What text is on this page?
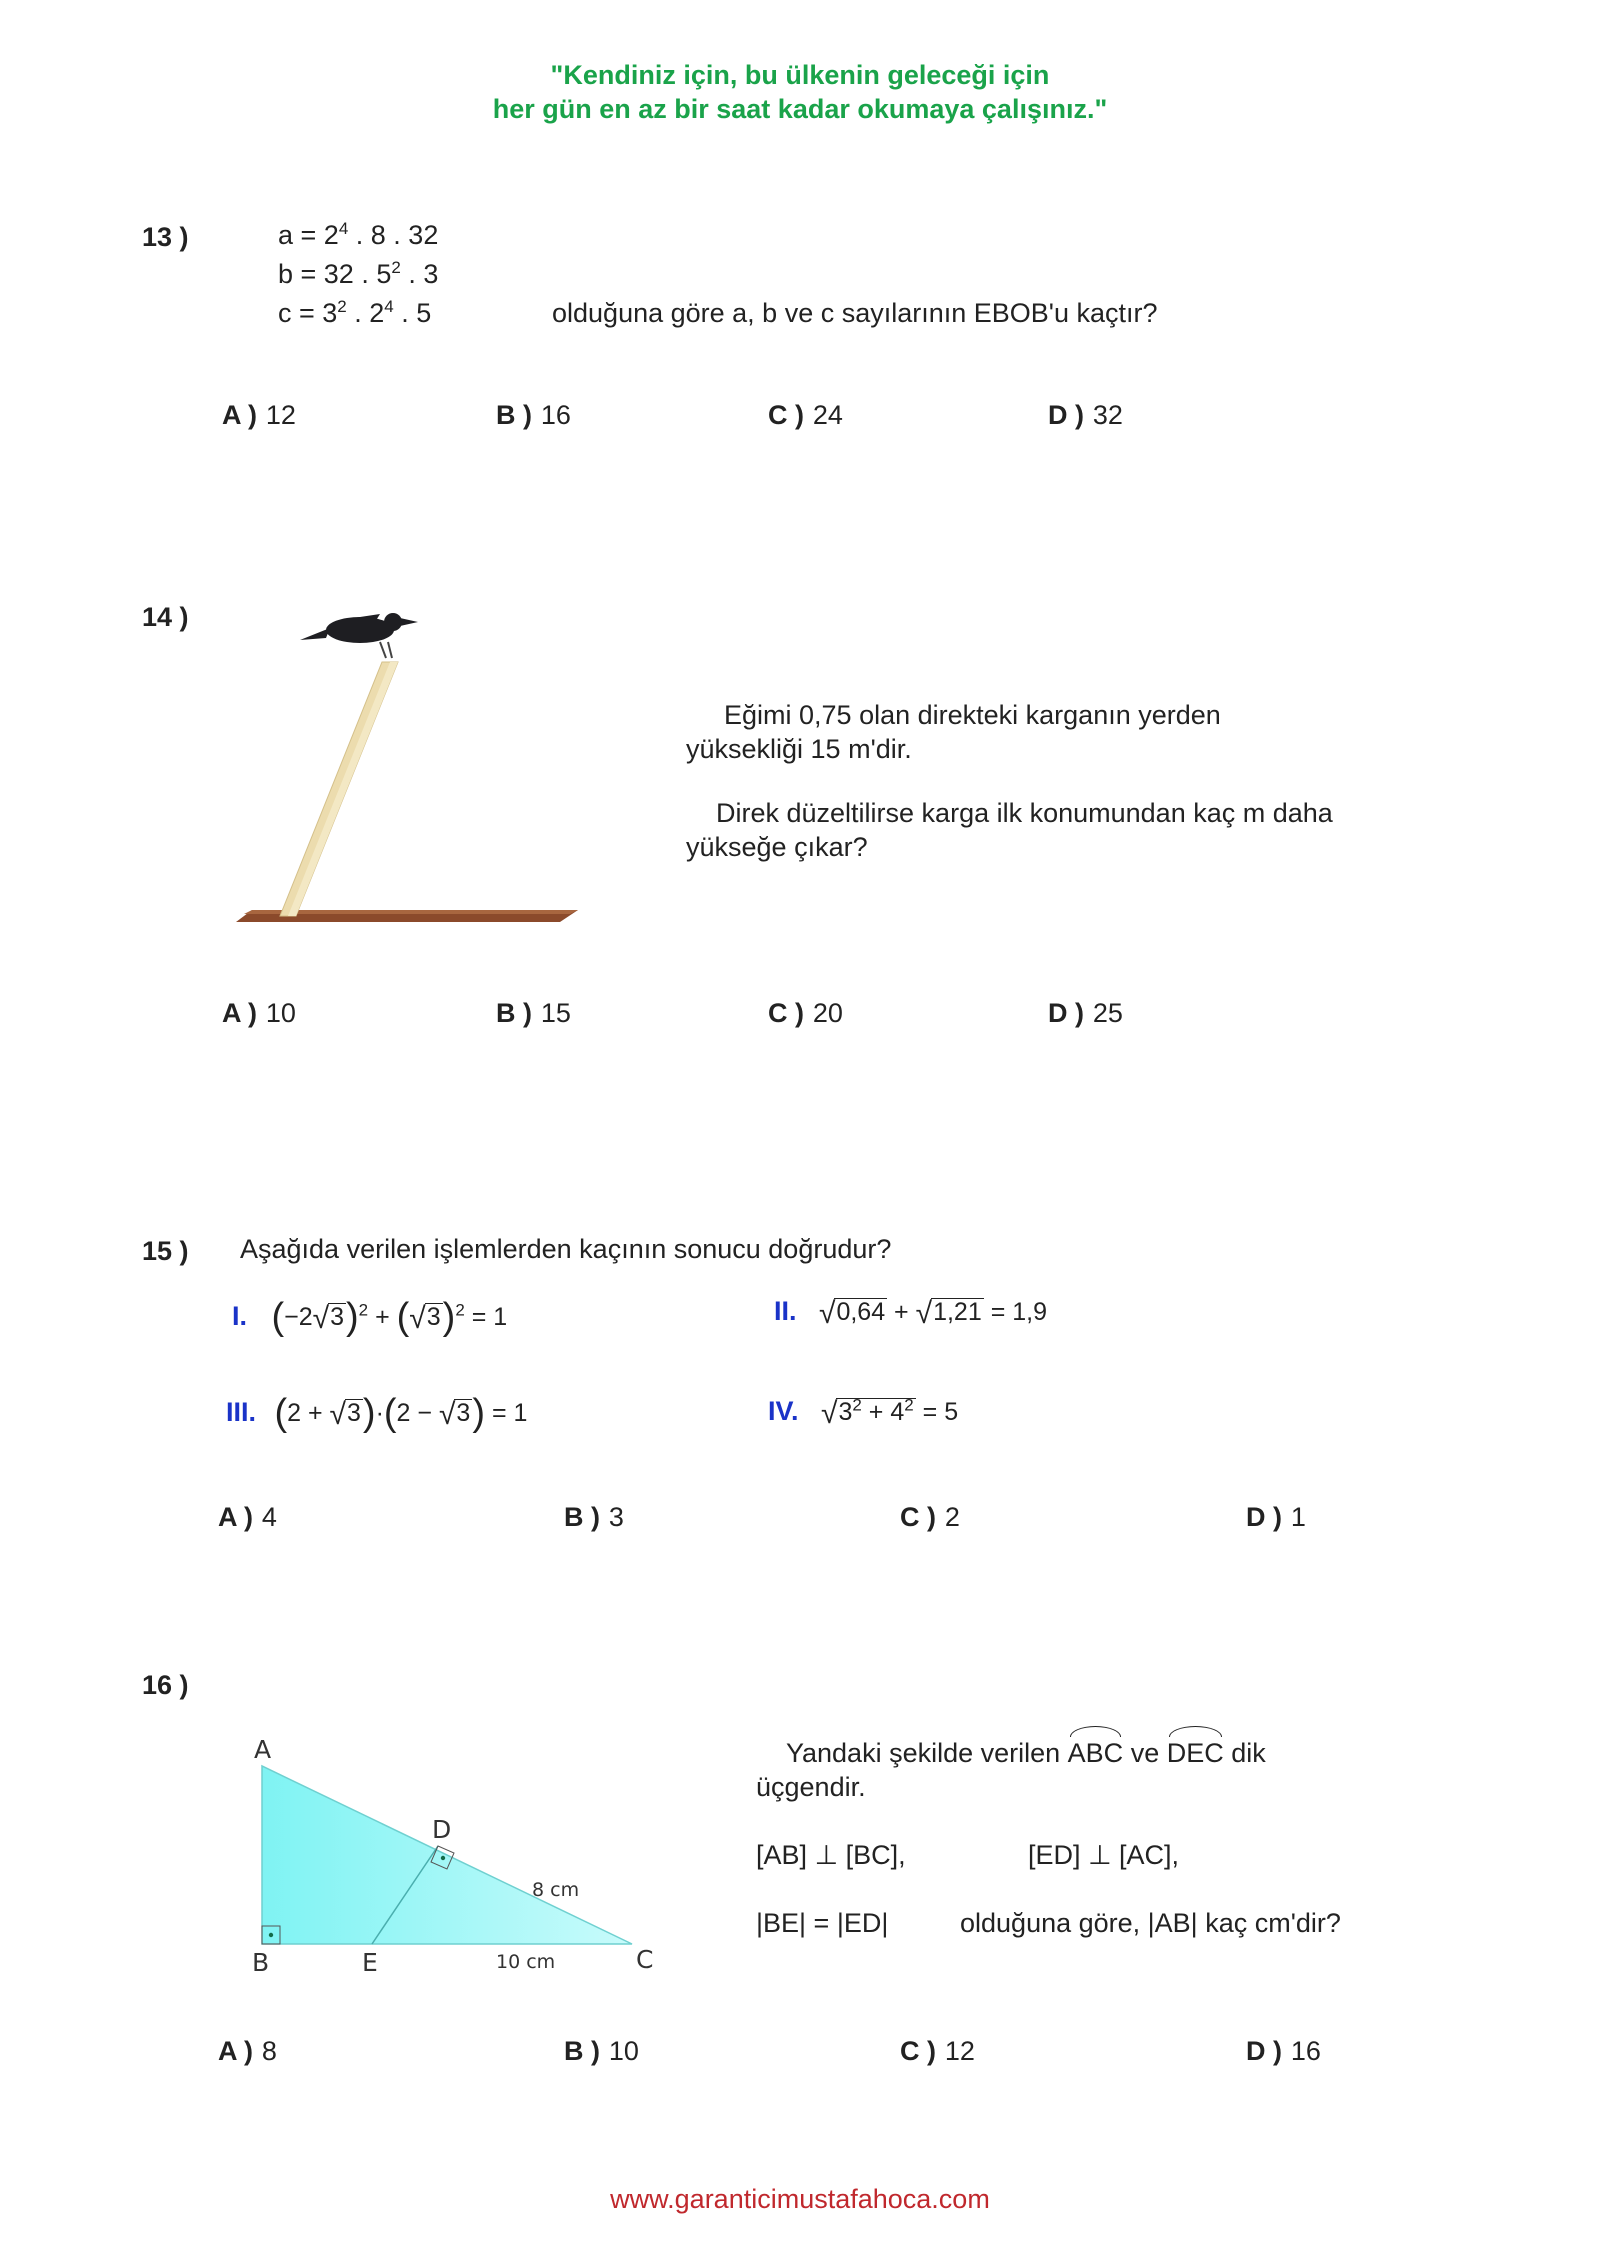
"Kendiniz için, bu ülkenin geleceği için
her gün en az bir saat kadar okumaya çalışınız."
13 )	$a = 2^4$ . 8 . 32
b = 32 . $5^2$ . 3
$c = 3^2$ . $2^4$ . 5	olduğuna göre a, b ve c sayılarının EBOB'u kaçtır?
A ) 12	B ) 16	C ) 24	D ) 32
14 )
Eğimi 0,75 olan direkteki karganın yerden
yüksekliği 15 m'dir.
Direk düzeltilirse karga ilk konumundan kaç m daha
yükseğe çıkar?
A ) 10	B ) 15	C ) 20	D ) 25
15 ) Aşağıda verilen işlemlerden kaçının sonucu doğrudur?
I. $(-2√3)^2 + (√3)^2 = 1$	II. √0,64 + √1,21 = 1,9
III. (2 + √3)·(2 − √3) = 1	IV. $√3^2 + 4^2 = 5$
A ) 4	B ) 3	C ) 2	D ) 1
16 )
A
B	C
D
E
8 cm
10 cm
Yandaki şekilde verilen ABC ve DEC dik
üçgendir.
[AB] ⊥ [BC],	[ED] ⊥ [AC],
|BE| = |ED|	olduğuna göre, |AB| kaç cm'dir?
A ) 8	B ) 10	C ) 12	D ) 16
www.garanticimustafahoca.com
